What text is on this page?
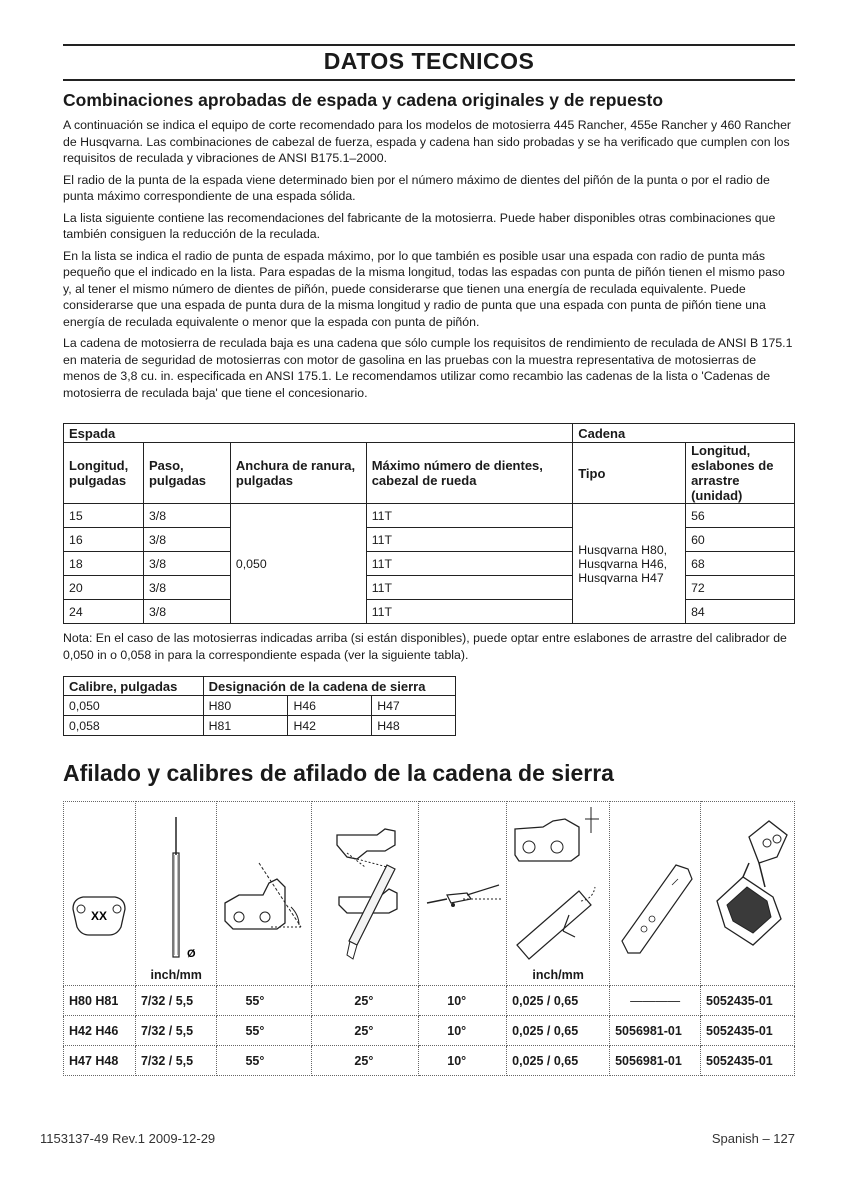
DATOS TECNICOS
Combinaciones aprobadas de espada y cadena originales y de repuesto

A continuación se indica el equipo de corte recomendado para los modelos de motosierra 445 Rancher, 455e Rancher y 460 Rancher de Husqvarna. Las combinaciones de cabezal de fuerza, espada y cadena han sido probadas y se ha verificado que cumplen con los requisitos de reculada y vibraciones de ANSI B175.1–2000.

El radio de la punta de la espada viene determinado bien por el número máximo de dientes del piñón de la punta o por el radio de punta máximo correspondiente de una espada sólida.

La lista siguiente contiene las recomendaciones del fabricante de la motosierra. Puede haber disponibles otras combinaciones que también consiguen la reducción de la reculada.

En la lista se indica el radio de punta de espada máximo, por lo que también es posible usar una espada con radio de punta más pequeño que el indicado en la lista. Para espadas de la misma longitud, todas las espadas con punta de piñón tienen el mismo paso y, al tener el mismo número de dientes de piñón, puede considerarse que tienen una energía de reculada equivalente. Puede considerarse que una espada de punta dura de la misma longitud y radio de punta que una espada con punta de piñón tiene una energía de reculada equivalente o menor que la espada con punta de piñón.

La cadena de motosierra de reculada baja es una cadena que sólo cumple los requisitos de rendimiento de reculada de ANSI B 175.1 en materia de seguridad de motosierras con motor de gasolina en las pruebas con la muestra representativa de motosierras de menos de 3,8 cu. in. especificada en ANSI 175.1. Le recomendamos utilizar como recambio las cadenas de la lista o 'Cadenas de motosierra de reculada baja' que tiene el concesionario.

Espada				Cadena	
Longitud, pulgadas	Paso, pulgadas	Anchura de ranura, pulgadas	Máximo número de dientes, cabezal de rueda	Tipo	Longitud, eslabones de arrastre (unidad)
15	3/8	0,050	11T	Husqvarna H80,
Husqvarna H46,
Husqvarna H47	56
16	3/8		11T		60
18	3/8		11T		68
20	3/8		11T		72
24	3/8		11T		84
Nota: En el caso de las motosierras indicadas arriba (si están disponibles), puede optar entre eslabones de arrastre del calibrador de 0,050 in o 0,058 in para la correspondiente espada (ver la siguiente tabla).
Calibre, pulgadas	Designación de la cadena de sierra		
0,050	H80	H46	H47
0,058	H81	H42	H48
Afilado y calibres de afilado de la cadena de sierra
XX	Ø
inch/mm				inch/mm

H80 H81	7/32 / 5,5	55°	25°	10°	0,025 / 0,65	————	5052435-01
H42 H46	7/32 / 5,5	55°	25°	10°	0,025 / 0,65	5056981-01	5052435-01
H47 H48	7/32 / 5,5	55°	25°	10°	0,025 / 0,65	5056981-01	5052435-01
1153137-49 Rev.1 2009-12-29	Spanish – 127
